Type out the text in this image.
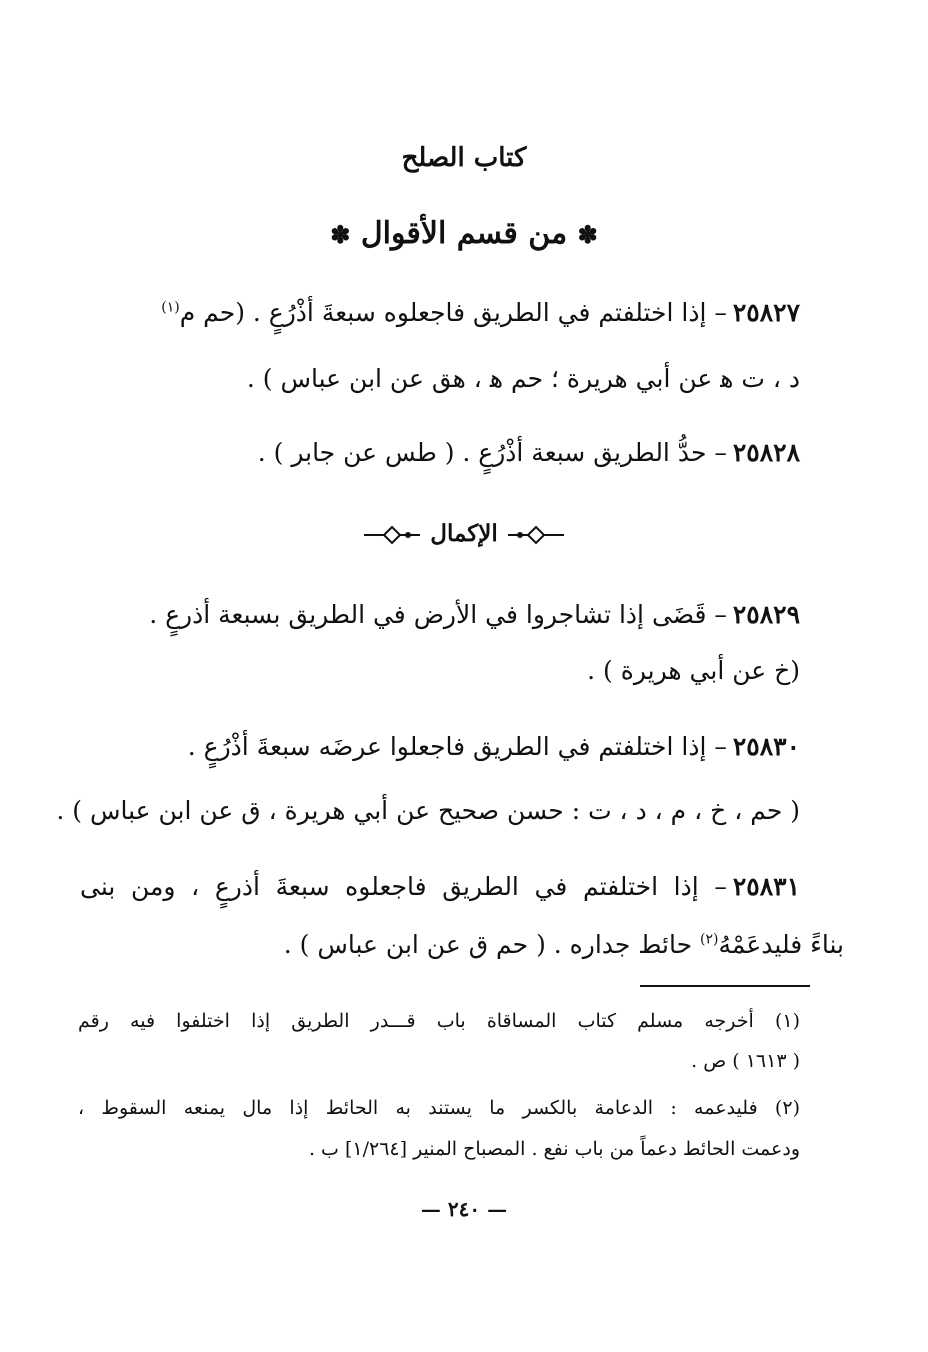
كتاب الصلح
✽ من قسم الأقوال ✽
٢٥٨٢٧– إذا اختلفتم في الطريق فاجعلوه سبعةَ أذْرُعٍ . (حم م$^{(١)}$
د ، ت ﻫ عن أبي هريرة ؛ حم ﻫ ، هق عن ابن عباس ) .
٢٥٨٢٨– حدُّ الطريق سبعة أذْرُعٍ . ( طس عن جابر ) .
الإكمال
٢٥٨٢٩– قَضَى إذا تشاجروا في الأرض في الطريق بسبعة أذرعٍ .
(خ عن أبي هريرة ) .
٢٥٨٣٠– إذا اختلفتم في الطريق فاجعلوا عرضَه سبعةَ أذْرُعٍ .
( حم ، خ ، م ، د ، ت : حسن صحيح عن أبي هريرة ، ق عن ابن عباس ) .
٢٥٨٣١– إذا اختلفتم في الطريق فاجعلوه سبعةَ أذرعٍ ، ومن بنى
بناءً فليدعَمْهُ$^{(٢)}$ حائط جداره . ( حم ق عن ابن عباس ) .
(١) أخرجه مسلم كتاب المساقاة باب قـــدر الطريق إذا اختلفوا فيه رقم
( ١٦١٣ ) ص .
(٢) فليدعمه : الدعامة بالكسر ما يستند به الحائط إذا مال يمنعه السقوط ،
ودعمت الحائط دعماً من باب نفع . المصباح المنير [١/٢٦٤] ب .
— ٢٤٠ —
